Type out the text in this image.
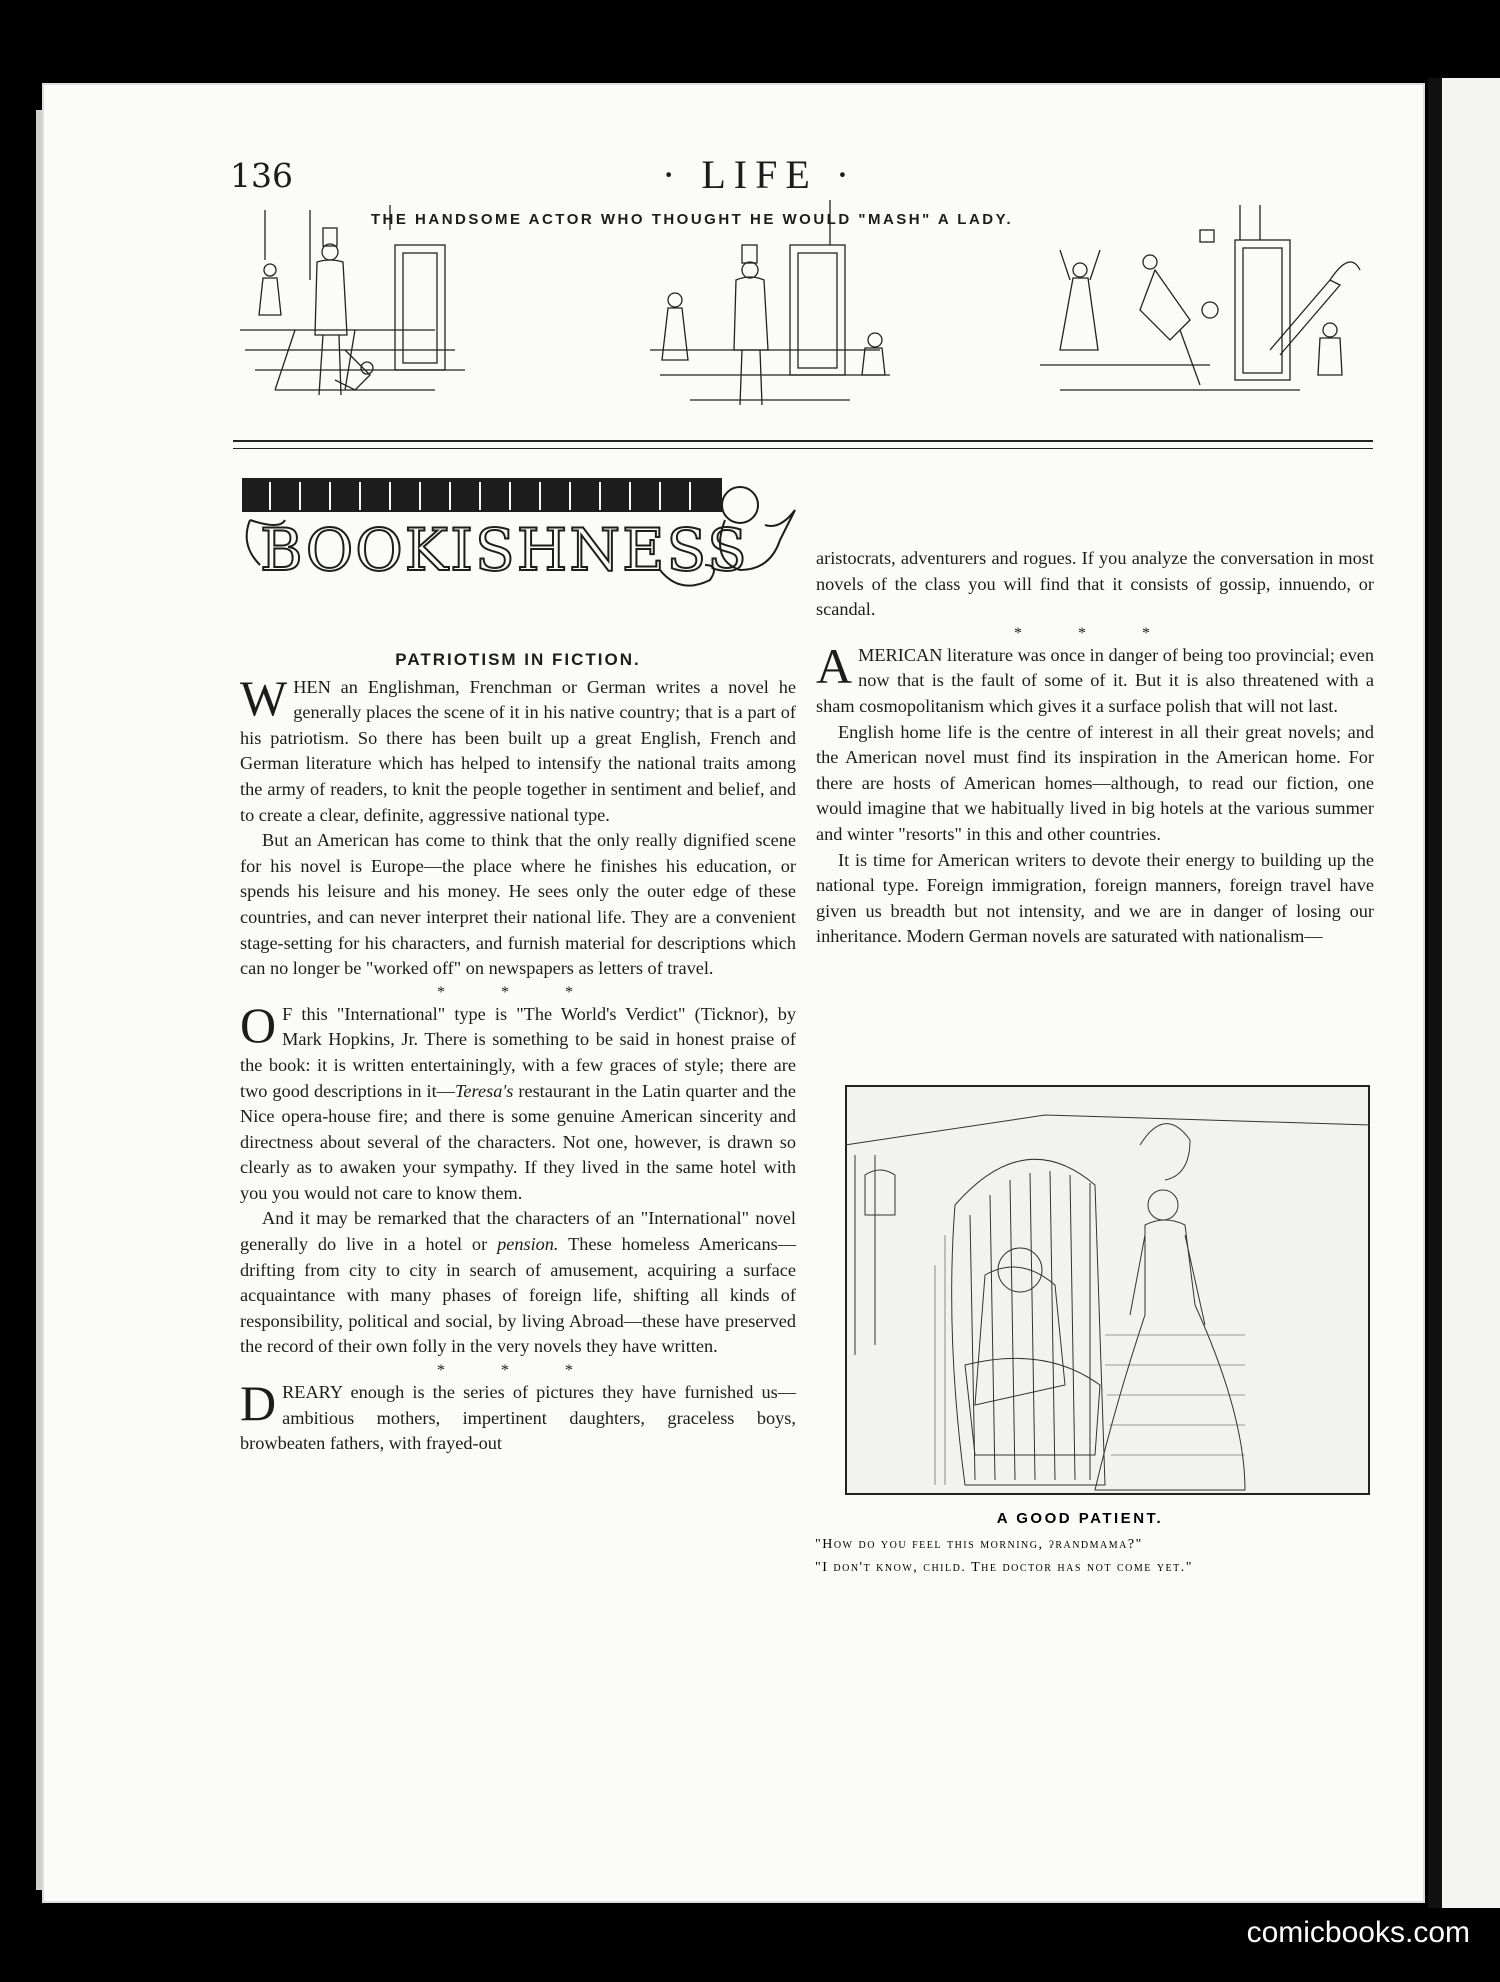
136	· LIFE ·
THE HANDSOME ACTOR WHO THOUGHT HE WOULD "MASH" A LADY.
BOOKISHNESS
PATRIOTISM IN FICTION.

WHEN an Englishman, Frenchman or German writes a novel he generally places the scene of it in his native country; that is a part of his patriotism. So there has been built up a great English, French and German literature which has helped to intensify the national traits among the army of readers, to knit the people together in sentiment and belief, and to create a clear, definite, aggressive national type.

But an American has come to think that the only really dignified scene for his novel is Europe—the place where he finishes his education, or spends his leisure and his money. He sees only the outer edge of these countries, and can never interpret their national life. They are a convenient stage-setting for his characters, and furnish material for descriptions which can no longer be "worked off" on newspapers as letters of travel.

* * *

O F this "International" type is "The World's Verdict" (Ticknor), by Mark Hopkins, Jr. There is something to be said in honest praise of the book: it is written entertainingly, with a few graces of style; there are two good descriptions in it—Teresa's restaurant in the Latin quarter and the Nice opera-house fire; and there is some genuine American sincerity and directness about several of the characters. Not one, however, is drawn so clearly as to awaken your sympathy. If they lived in the same hotel with you you would not care to know them.

And it may be remarked that the characters of an "International" novel generally do live in a hotel or pension. These homeless Americans—drifting from city to city in search of amusement, acquiring a surface acquaintance with many phases of foreign life, shifting all kinds of responsibility, political and social, by living Abroad—these have preserved the record of their own folly in the very novels they have written.

* * *

DREARY enough is the series of pictures they have furnished us—ambitious mothers, impertinent daughters, graceless boys, browbeaten fathers, with frayed-out

aristocrats, adventurers and rogues. If you analyze the conversation in most novels of the class you will find that it consists of gossip, innuendo, or scandal.

* * *

AMERICAN literature was once in danger of being too provincial; even now that is the fault of some of it. But it is also threatened with a sham cosmopolitanism which gives it a surface polish that will not last.

English home life is the centre of interest in all their great novels; and the American novel must find its inspiration in the American home. For there are hosts of American homes—although, to read our fiction, one would imagine that we habitually lived in big hotels at the various summer and winter "resorts" in this and other countries.

It is time for American writers to devote their energy to building up the national type. Foreign immigration, foreign manners, foreign travel have given us breadth but not intensity, and we are in danger of losing our inheritance. Modern German novels are saturated with nationalism—

A GOOD PATIENT.
"How do you feel this morning, ɂrandmama?"
"I don't know, child. The doctor has not come yet."
comicbooks.com
